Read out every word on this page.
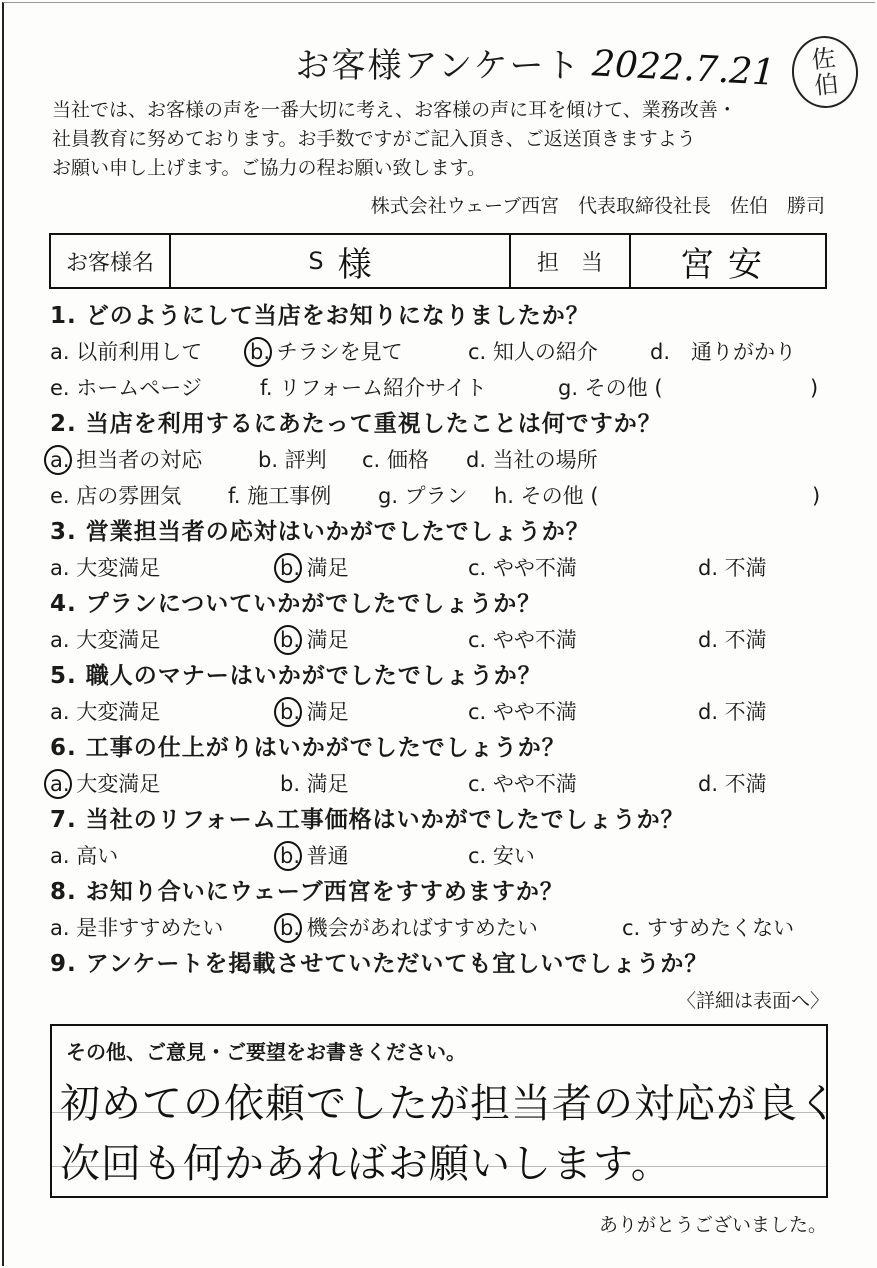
お客様アンケート 2022.7.21 佐
伯
当社では、お客様の声を一番大切に考え、お客様の声に耳を傾けて、業務改善・
社員教育に努めております。お手数ですがご記入頂き、ご返送頂きますよう
お願い申し上げます。ご協力の程お願い致します。
株式会社ウェーブ西宮　代表取締役社長　佐伯　勝司
お客様名	S 様	担　当 宮安
1. どのようにして当店をお知りになりましたか？
a. 以前利用して b. チラシを見て	c. 知人の紹介 d.　通りがかり
e. ホームページ	f. リフォーム紹介サイト	g. その他 (	)
2. 当店を利用するにあたって重視したことは何ですか？
a. 担当者の対応	b. 評判 c. 価格 d. 当社の場所
e. 店の雰囲気 f. 施工事例 g. プラン h. その他 (	)
3. 営業担当者の応対はいかがでしたでしょうか？
a. 大変満足	b. 満足	c. やや不満	d. 不満
4. プランについていかがでしたでしょうか？
a. 大変満足	b. 満足	c. やや不満	d. 不満
5. 職人のマナーはいかがでしたでしょうか？
a. 大変満足	b. 満足	c. やや不満	d. 不満
6. 工事の仕上がりはいかがでしたでしょうか？
a. 大変満足	b. 満足	c. やや不満	d. 不満
7. 当社のリフォーム工事価格はいかがでしたでしょうか？
a. 高い	b. 普通	c. 安い
8. お知り合いにウェーブ西宮をすすめますか？
a. 是非すすめたい	b. 機会があればすすめたい	c. すすめたくない
9. アンケートを掲載させていただいても宜しいでしょうか？
〈詳細は表面へ〉
その他、ご意見・ご要望をお書きください。
初めての依頼でしたが担当者の対応が良く
次回も何かあればお願いします。
ありがとうございました。
